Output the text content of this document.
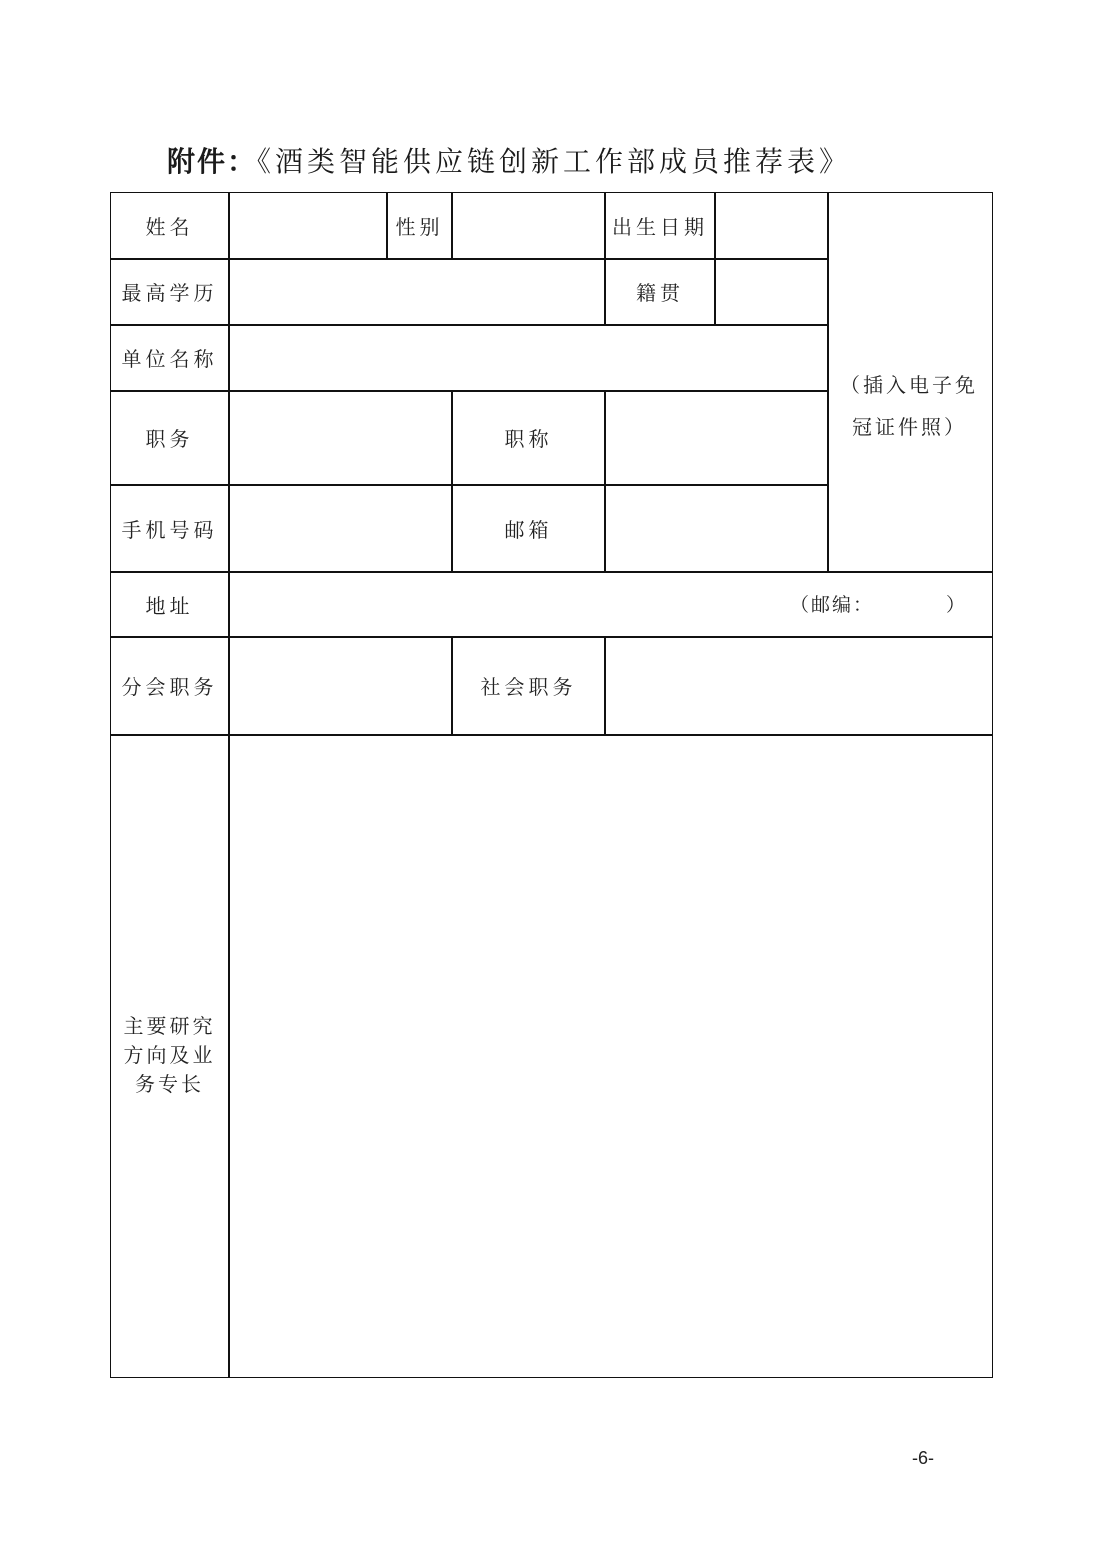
附件：《酒类智能供应链创新工作部成员推荐表》
姓名	性别	出生日期
（插入电子免
冠证件照）
最高学历	籍贯
单位名称
职务	职称
手机号码	邮箱
地址	（邮编：	）
分会职务	社会职务
主要研究
方向及业
务专长
-6-
